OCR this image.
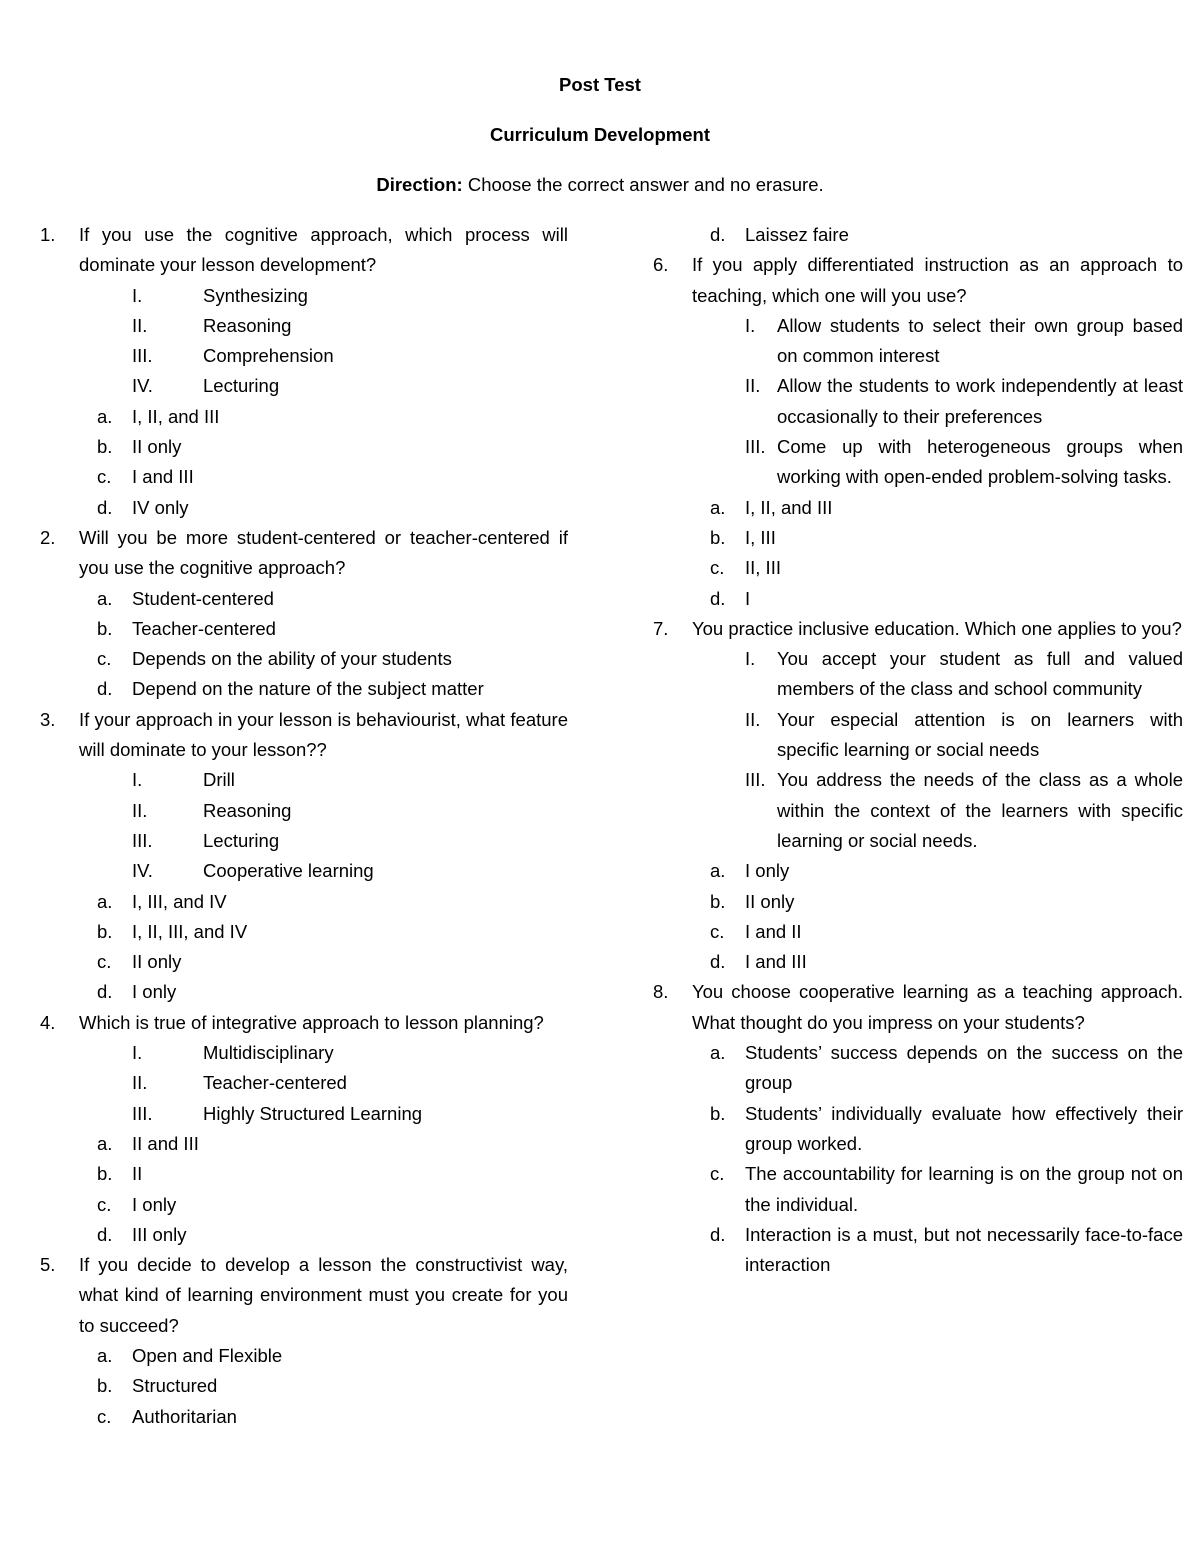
Post Test
Curriculum Development
Direction: Choose the correct answer and no erasure.
1. If you use the cognitive approach, which process will dominate your lesson development?
I.	Synthesizing
II.	Reasoning
III.	Comprehension
IV.	Lecturing
a. I, II, and III
b. II only
c. I and III
d. IV only
2. Will you be more student-centered or teacher-centered if you use the cognitive approach?
a. Student-centered
b. Teacher-centered
c. Depends on the ability of your students
d. Depend on the nature of the subject matter
3. If your approach in your lesson is behaviourist, what feature will dominate to your lesson??
I.	Drill
II.	Reasoning
III.	Lecturing
IV.	Cooperative learning
a. I, III, and IV
b. I, II, III, and IV
c. II only
d. I only
4. Which is true of integrative approach to lesson planning?
I.	Multidisciplinary
II.	Teacher-centered
III.	Highly Structured Learning
a. II and III
b. II
c. I only
d. III only
5. If you decide to develop a lesson the constructivist way, what kind of learning environment must you create for you to succeed?
a. Open and Flexible
b. Structured
c. Authoritarian
d. Laissez faire
6. If you apply differentiated instruction as an approach to teaching, which one will you use?
I. Allow students to select their own group based on common interest
II. Allow the students to work independently at least occasionally to their preferences
III. Come up with heterogeneous groups when working with open-ended problem-solving tasks.
a. I, II, and III
b. I, III
c. II, III
d. I
7. You practice inclusive education. Which one applies to you?
I. You accept your student as full and valued members of the class and school community
II. Your especial attention is on learners with specific learning or social needs
III. You address the needs of the class as a whole within the context of the learners with specific learning or social needs.
a. I only
b. II only
c. I and II
d. I and III
8. You choose cooperative learning as a teaching approach. What thought do you impress on your students?
a. Students’ success depends on the success on the group
b. Students’ individually evaluate how effectively their group worked.
c. The accountability for learning is on the group not on the individual.
d. Interaction is a must, but not necessarily face-to-face interaction
